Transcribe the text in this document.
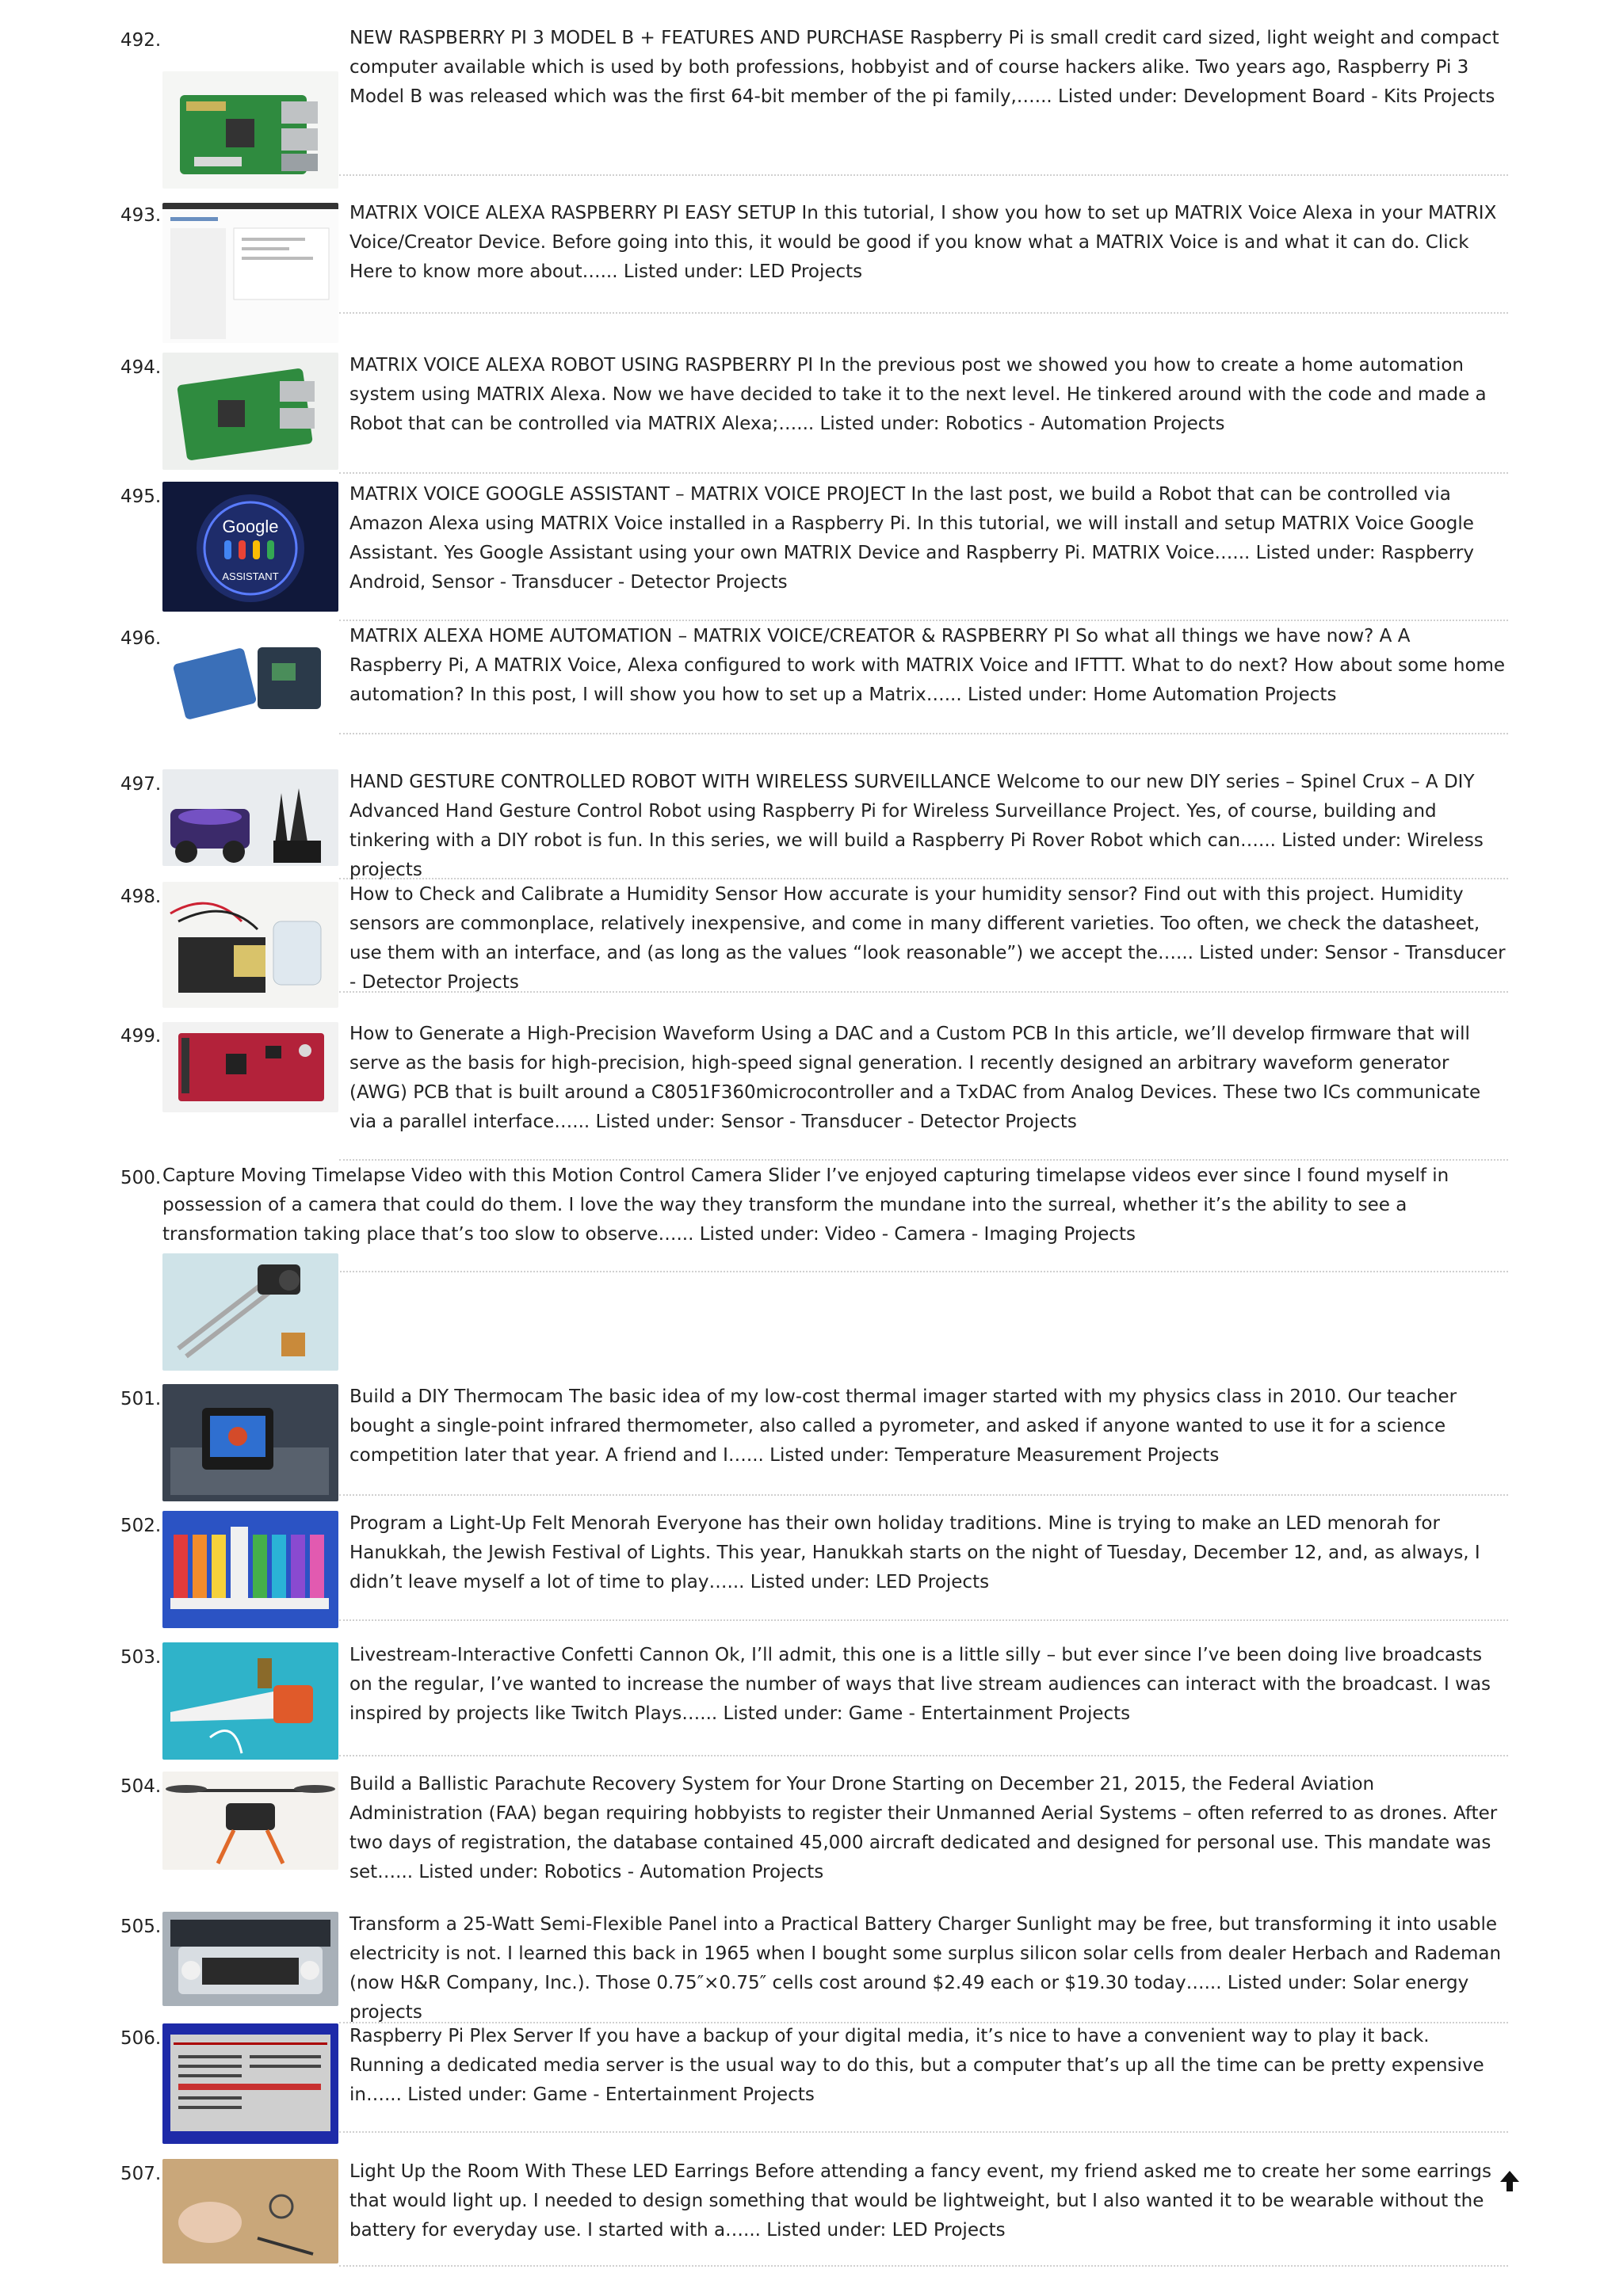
492.	NEW RASPBERRY PI 3 MODEL B + FEATURES AND PURCHASE Raspberry Pi is small credit card sized, light weight and compact computer available which is used by both professions, hobbyist and of course hackers alike. Two years ago, Raspberry Pi 3 Model B was released which was the first 64-bit member of the pi family,…... Listed under: Development Board - Kits Projects
493.	MATRIX VOICE ALEXA RASPBERRY PI EASY SETUP In this tutorial, I show you how to set up MATRIX Voice Alexa in your MATRIX Voice/Creator Device. Before going into this, it would be good if you know what a MATRIX Voice is and what it can do. Click Here to know more about…... Listed under: LED Projects
494.	MATRIX VOICE ALEXA ROBOT USING RASPBERRY PI In the previous post we showed you how to create a home automation system using MATRIX Alexa. Now we have decided to take it to the next level. He tinkered around with the code and made a Robot that can be controlled via MATRIX Alexa;…... Listed under: Robotics - Automation Projects
495.
Google
ASSISTANT
MATRIX VOICE GOOGLE ASSISTANT – MATRIX VOICE PROJECT In the last post, we build a Robot that can be controlled via Amazon Alexa using MATRIX Voice installed in a Raspberry Pi. In this tutorial, we will install and setup MATRIX Voice Google Assistant. Yes Google Assistant using your own MATRIX Device and Raspberry Pi. MATRIX Voice…... Listed under: Raspberry Android, Sensor - Transducer - Detector Projects
496.	MATRIX ALEXA HOME AUTOMATION – MATRIX VOICE/CREATOR & RASPBERRY PI So what all things we have now? A A Raspberry Pi, A MATRIX Voice, Alexa configured to work with MATRIX Voice and IFTTT. What to do next? How about some home automation? In this post, I will show you how to set up a Matrix…... Listed under: Home Automation Projects
497.	HAND GESTURE CONTROLLED ROBOT WITH WIRELESS SURVEILLANCE Welcome to our new DIY series – Spinel Crux – A DIY Advanced Hand Gesture Control Robot using Raspberry Pi for Wireless Surveillance Project. Yes, of course, building and tinkering with a DIY robot is fun. In this series, we will build a Raspberry Pi Rover Robot which can…... Listed under: Wireless projects
498.	How to Check and Calibrate a Humidity Sensor How accurate is your humidity sensor? Find out with this project. Humidity sensors are commonplace, relatively inexpensive, and come in many different varieties. Too often, we check the datasheet, use them with an interface, and (as long as the values “look reasonable”) we accept the…... Listed under: Sensor - Transducer - Detector Projects
499.	How to Generate a High-Precision Waveform Using a DAC and a Custom PCB In this article, we’ll develop firmware that will serve as the basis for high-precision, high-speed signal generation. I recently designed an arbitrary waveform generator (AWG) PCB that is built around a C8051F360microcontroller and a TxDAC from Analog Devices. These two ICs communicate via a parallel interface…... Listed under: Sensor - Transducer - Detector Projects
500. Capture Moving Timelapse Video with this Motion Control Camera Slider I’ve enjoyed capturing timelapse videos ever since I found myself in possession of a camera that could do them. I love the way they transform the mundane into the surreal, whether it’s the ability to see a transformation taking place that’s too slow to observe…... Listed under: Video - Camera - Imaging Projects
501.	Build a DIY Thermocam The basic idea of my low-cost thermal imager started with my physics class in 2010. Our teacher bought a single-point infrared thermometer, also called a pyrometer, and asked if anyone wanted to use it for a science competition later that year. A friend and I…... Listed under: Temperature Measurement Projects
502.	Program a Light-Up Felt Menorah Everyone has their own holiday traditions. Mine is trying to make an LED menorah for Hanukkah, the Jewish Festival of Lights. This year, Hanukkah starts on the night of Tuesday, December 12, and, as always, I didn’t leave myself a lot of time to play…... Listed under: LED Projects
503.	Livestream-Interactive Confetti Cannon Ok, I’ll admit, this one is a little silly – but ever since I’ve been doing live broadcasts on the regular, I’ve wanted to increase the number of ways that live stream audiences can interact with the broadcast. I was inspired by projects like Twitch Plays…... Listed under: Game - Entertainment Projects
504.	Build a Ballistic Parachute Recovery System for Your Drone Starting on December 21, 2015, the Federal Aviation Administration (FAA) began requiring hobbyists to register their Unmanned Aerial Systems – often referred to as drones. After two days of registration, the database contained 45,000 aircraft dedicated and designed for personal use. This mandate was set…... Listed under: Robotics - Automation Projects
505.	Transform a 25-Watt Semi-Flexible Panel into a Practical Battery Charger Sunlight may be free, but transforming it into usable electricity is not. I learned this back in 1965 when I bought some surplus silicon solar cells from dealer Herbach and Rademan (now H&R Company, Inc.). Those 0.75″×0.75″ cells cost around $2.49 each or $19.30 today…... Listed under: Solar energy projects
506.	Raspberry Pi Plex Server If you have a backup of your digital media, it’s nice to have a convenient way to play it back. Running a dedicated media server is the usual way to do this, but a computer that’s up all the time can be pretty expensive in…... Listed under: Game - Entertainment Projects
507.	Light Up the Room With These LED Earrings Before attending a fancy event, my friend asked me to create her some earrings that would light up. I needed to design something that would be lightweight, but I also wanted it to be wearable without the battery for everyday use. I started with a…... Listed under: LED Projects
